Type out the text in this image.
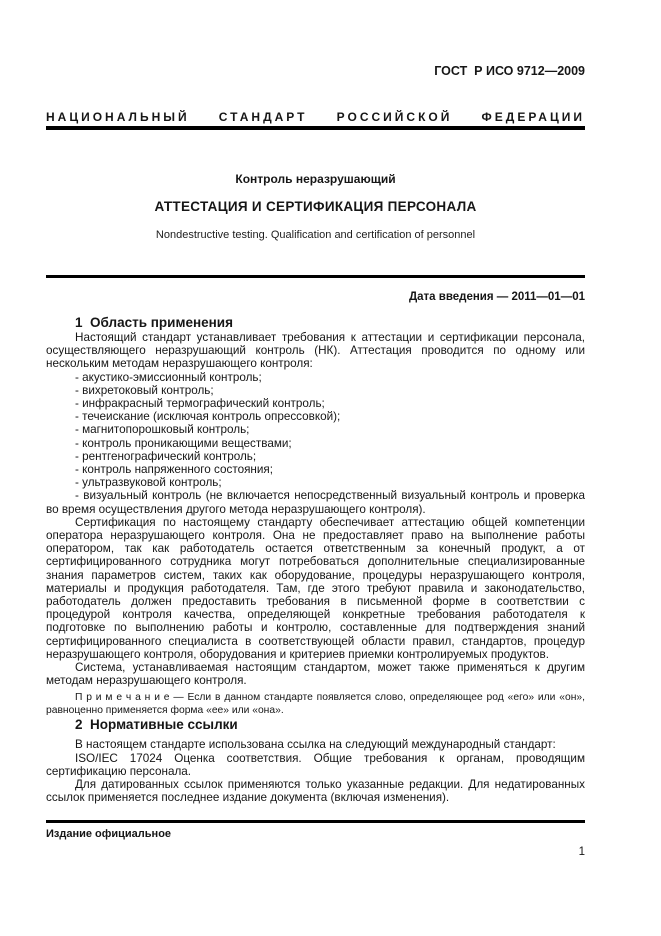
ГОСТ  Р ИСО 9712—2009
НАЦИОНАЛЬНЫЙ СТАНДАРТ РОССИЙСКОЙ ФЕДЕРАЦИИ
Контроль неразрушающий
АТТЕСТАЦИЯ И СЕРТИФИКАЦИЯ ПЕРСОНАЛА
Nondestructive testing. Qualification and certification of personnel
Дата введения — 2011—01—01
1  Область применения

Настоящий стандарт устанавливает требования к аттестации и сертификации персонала, осуществляющего неразрушающий контроль (НК). Аттестация проводится по одному или нескольким методам неразрушающего контроля:

- акустико-эмиссионный контроль;
- вихретоковый контроль;
- инфракрасный термографический контроль;
- течеискание (исключая контроль опрессовкой);
- магнитопорошковый контроль;
- контроль проникающими веществами;
- рентгенографический контроль;
- контроль напряженного состояния;
- ультразвуковой контроль;
- визуальный контроль (не включается непосредственный визуальный контроль и проверка во время осуществления другого метода неразрушающего контроля).

Сертификация по настоящему стандарту обеспечивает аттестацию общей компетенции оператора неразрушающего контроля. Она не предоставляет право на выполнение работы оператором, так как работодатель остается ответственным за конечный продукт, а от сертифицированного сотрудника могут потребоваться дополнительные специализированные знания параметров систем, таких как оборудование, процедуры неразрушающего контроля, материалы и продукция работодателя. Там, где этого требуют правила и законодательство, работодатель должен предоставить требования в письменной форме в соответствии с процедурой контроля качества, определяющей конкретные требования работодателя к подготовке по выполнению работы и контролю, составленные для подтверждения знаний сертифицированного специалиста в соответствующей области правил, стандартов, процедур неразрушающего контроля, оборудования и критериев приемки контролируемых продуктов.

Система, устанавливаемая настоящим стандартом, может также применяться к другим методам неразрушающего контроля.

П р и м е ч а н и е — Если в данном стандарте появляется слово, определяющее род «его» или «он», равноценно применяется форма «ее» или «она».

2  Нормативные ссылки

В настоящем стандарте использована ссылка на следующий международный стандарт:

ISO/IEC 17024 Оценка соответствия. Общие требования к органам, проводящим сертификацию персонала.

Для датированных ссылок применяются только указанные редакции. Для недатированных ссылок применяется последнее издание документа (включая изменения).

Издание официальное
1
